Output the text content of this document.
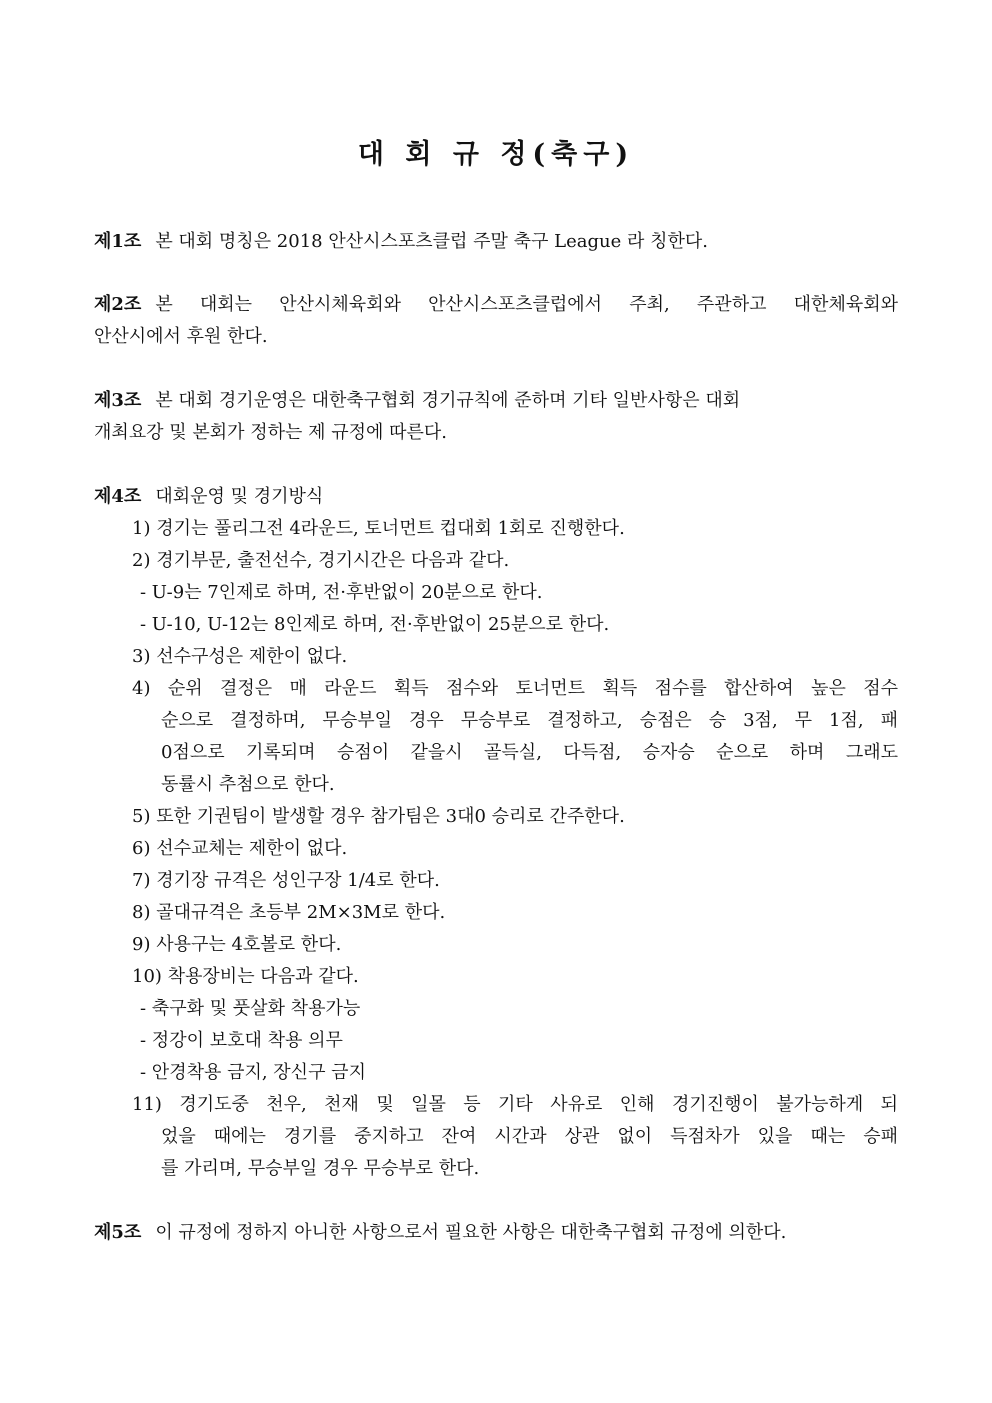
대 회 규 정(축구)
제1조 본 대회 명칭은 2018 안산시스포츠클럽 주말 축구 League 라 칭한다.
제2조 본 대회는 안산시체육회와 안산시스포츠클럽에서 주최, 주관하고 대한체육회와
안산시에서 후원 한다.
제3조 본 대회 경기운영은 대한축구협회 경기규칙에 준하며 기타 일반사항은 대회
개최요강 및 본회가 정하는 제 규정에 따른다.
제4조 대회운영 및 경기방식
1) 경기는 풀리그전 4라운드, 토너먼트 컵대회 1회로 진행한다.
2) 경기부문, 출전선수, 경기시간은 다음과 같다.
- U-9는 7인제로 하며, 전·후반없이 20분으로 한다.
- U-10, U-12는 8인제로 하며, 전·후반없이 25분으로 한다.
3) 선수구성은 제한이 없다.
4) 순위 결정은 매 라운드 획득 점수와 토너먼트 획득 점수를 합산하여 높은 점수
순으로 결정하며, 무승부일 경우 무승부로 결정하고, 승점은 승 3점, 무 1점, 패
0점으로 기록되며 승점이 같을시 골득실, 다득점, 승자승 순으로 하며 그래도
동률시 추첨으로 한다.
5) 또한 기권팀이 발생할 경우 참가팀은 3대0 승리로 간주한다.
6) 선수교체는 제한이 없다.
7) 경기장 규격은 성인구장 1/4로 한다.
8) 골대규격은 초등부 2M×3M로 한다.
9) 사용구는 4호볼로 한다.
10) 착용장비는 다음과 같다.
- 축구화 및 풋살화 착용가능
- 정강이 보호대 착용 의무
- 안경착용 금지, 장신구 금지
11) 경기도중 천우, 천재 및 일몰 등 기타 사유로 인해 경기진행이 불가능하게 되
었을 때에는 경기를 중지하고 잔여 시간과 상관 없이 득점차가 있을 때는 승패
를 가리며, 무승부일 경우 무승부로 한다.
제5조 이 규정에 정하지 아니한 사항으로서 필요한 사항은 대한축구협회 규정에 의한다.
